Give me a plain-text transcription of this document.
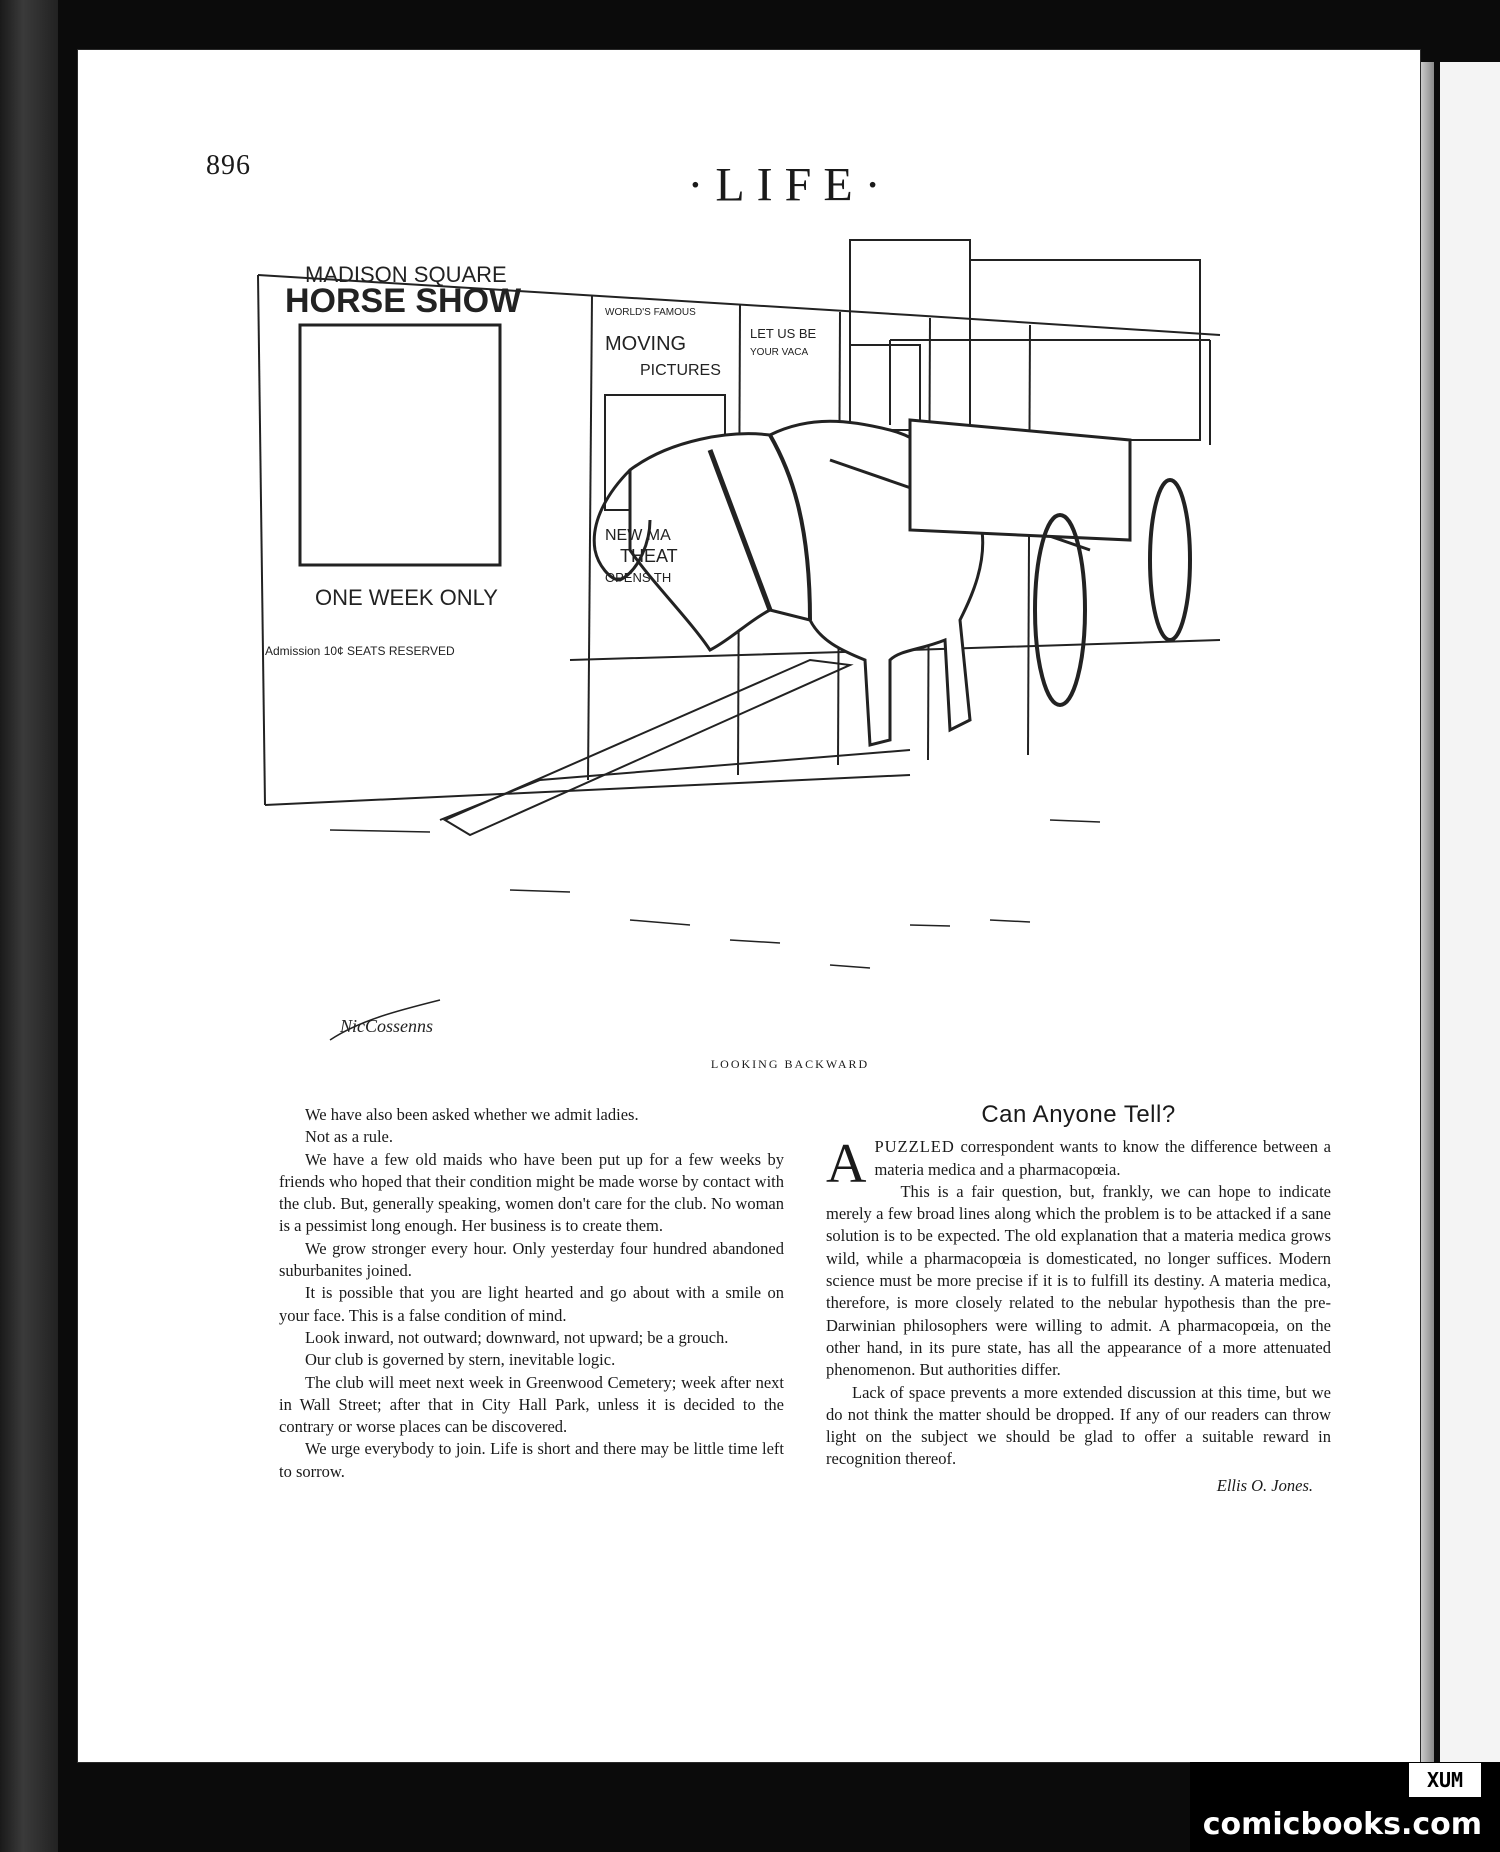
896	·LIFE·
MADISON SQUARE
HORSE SHOW
ONE WEEK ONLY
Admission 10¢ SEATS RESERVED
WORLD'S FAMOUS
MOVING
PICTURES
NEW MA
THEAT
OPENS TH
LET US BE
YOUR VACA
NicCossenns
LOOKING BACKWARD

We have also been asked whether we admit ladies.

Not as a rule.

We have a few old maids who have been put up for a few weeks by friends who hoped that their condition might be made worse by contact with the club. But, generally speaking, women don't care for the club. No woman is a pessimist long enough. Her business is to create them.

We grow stronger every hour. Only yesterday four hundred abandoned suburbanites joined.

It is possible that you are light hearted and go about with a smile on your face. This is a false condition of mind.

Look inward, not outward; downward, not upward; be a grouch.

Our club is governed by stern, inevitable logic.

The club will meet next week in Greenwood Cemetery; week after next in Wall Street; after that in City Hall Park, unless it is decided to the contrary or worse places can be discovered.

We urge everybody to join. Life is short and there may be little time left to sorrow.

Can Anyone Tell?

APUZZLED correspondent wants to know the difference between a materia medica and a pharmacopœia.

This is a fair question, but, frankly, we can hope to indicate merely a few broad lines along which the problem is to be attacked if a sane solution is to be expected. The old explanation that a materia medica grows wild, while a pharmacopœia is domesticated, no longer suffices. Modern science must be more precise if it is to fulfill its destiny. A materia medica, therefore, is more closely related to the nebular hypothesis than the pre-Darwinian philosophers were willing to admit. A pharmacopœia, on the other hand, in its pure state, has all the appearance of a more attenuated phenomenon. But authorities differ.

Lack of space prevents a more extended discussion at this time, but we do not think the matter should be dropped. If any of our readers can throw light on the subject we should be glad to offer a suitable reward in recognition thereof.

Ellis O. Jones.
XUM
comicbooks.com
